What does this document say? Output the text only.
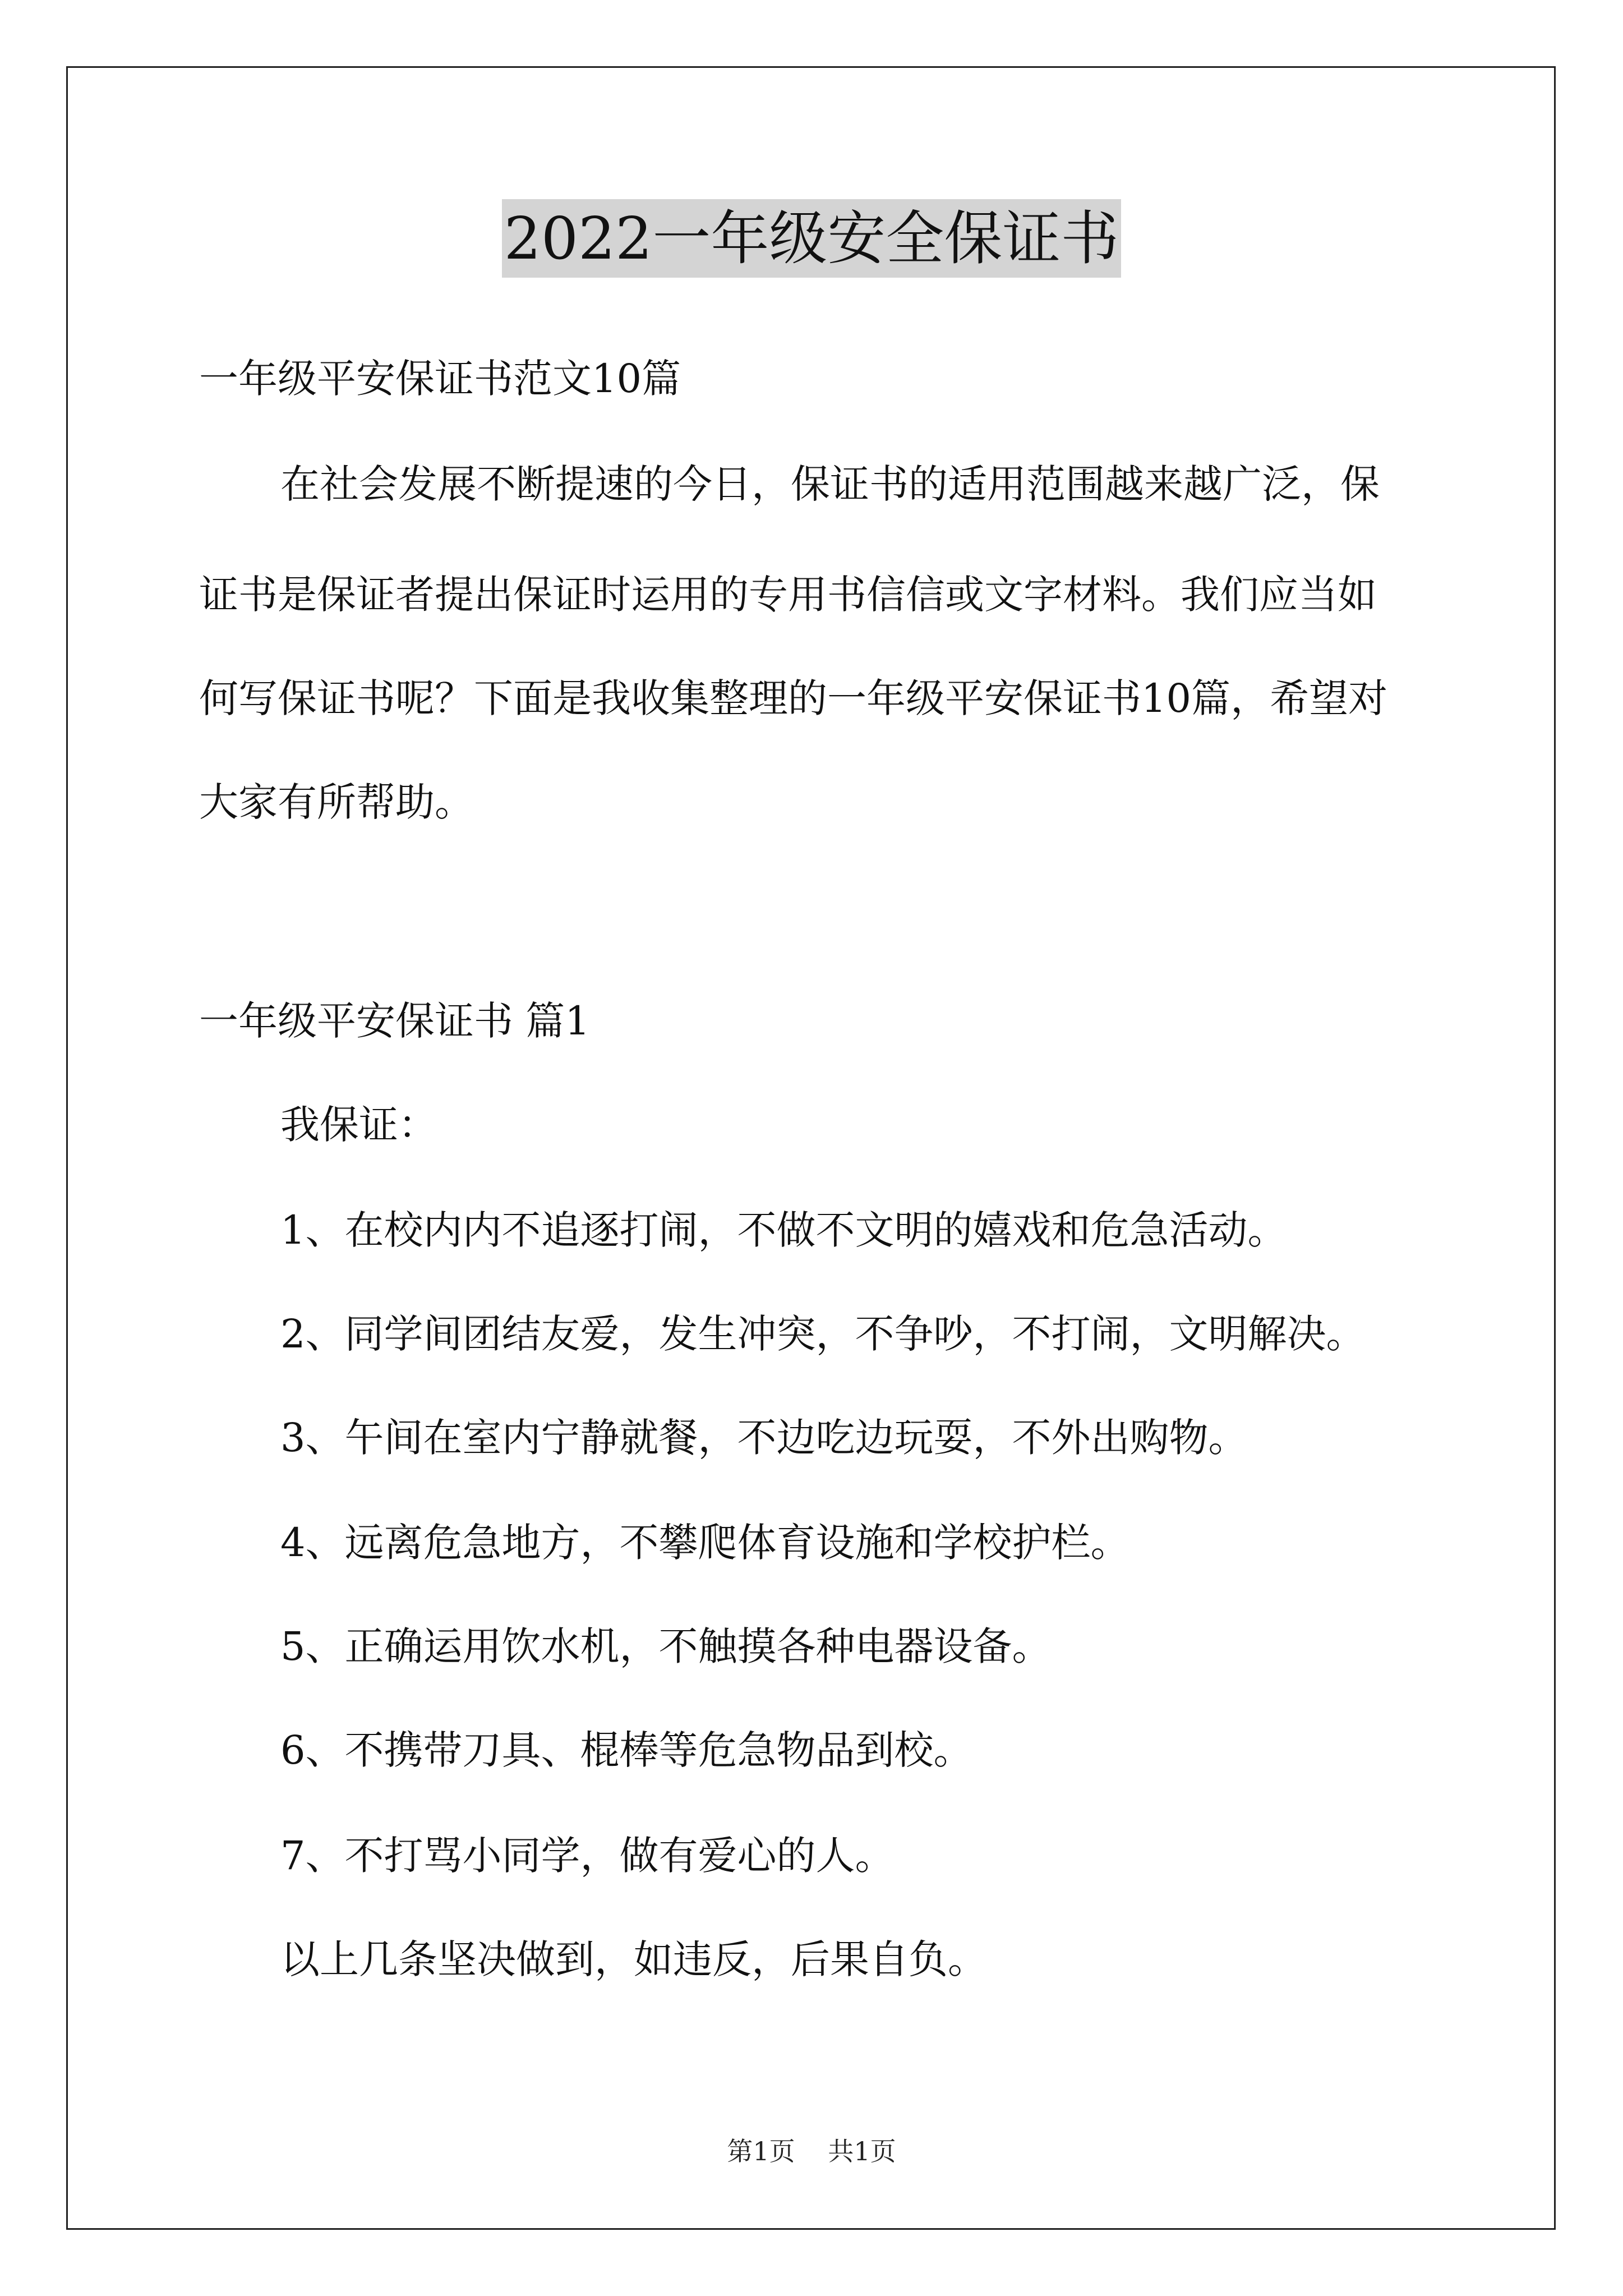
2022一年级安全保证书
一年级平安保证书范文10篇
在社会发展不断提速的今日，保证书的适用范围越来越广泛，保
证书是保证者提出保证时运用的专用书信信或文字材料。我们应当如
何写保证书呢？下面是我收集整理的一年级平安保证书10篇，希望对
大家有所帮助。
一年级平安保证书 篇1
我保证：
1、在校内内不追逐打闹，不做不文明的嬉戏和危急活动。
2、同学间团结友爱，发生冲突，不争吵，不打闹，文明解决。
3、午间在室内宁静就餐，不边吃边玩耍，不外出购物。
4、远离危急地方，不攀爬体育设施和学校护栏。
5、正确运用饮水机，不触摸各种电器设备。
6、不携带刀具、棍棒等危急物品到校。
7、不打骂小同学，做有爱心的人。
以上几条坚决做到，如违反，后果自负。
第1页 共1页
